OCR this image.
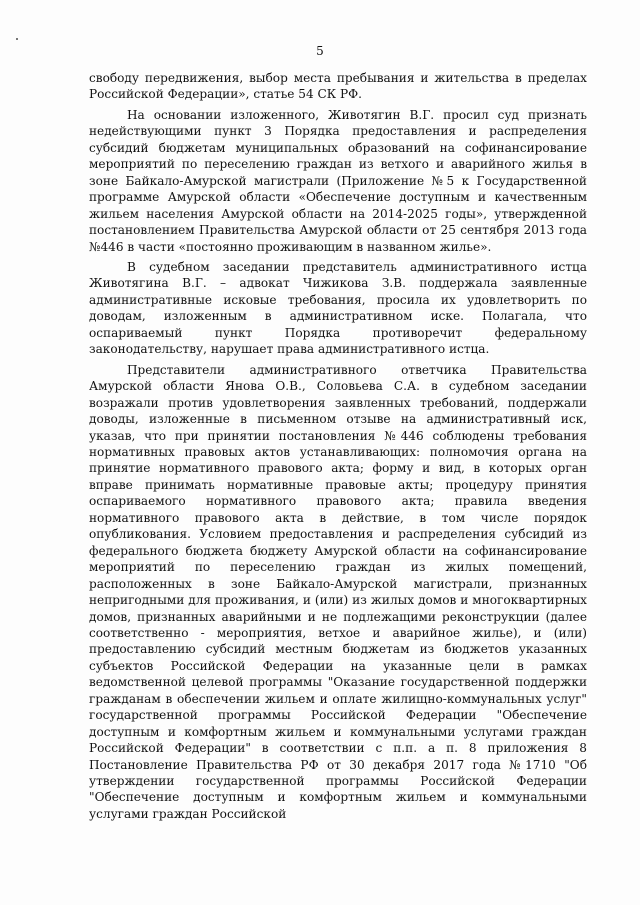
5

свободу передвижения, выбор места пребывания и жительства в пределах Российской Федерации», статье 54 СК РФ.

На основании изложенного, Животягин В.Г. просил суд признать недействующими пункт 3 Порядка предоставления и распределения субсидий бюджетам муниципальных образований на софинансирование мероприятий по переселению граждан из ветхого и аварийного жилья в зоне Байкало-Амурской магистрали (Приложение №5 к Государственной программе Амурской области «Обеспечение доступным и качественным жильем населения Амурской области на 2014-2025 годы», утвержденной постановлением Правительства Амурской области от 25 сентября 2013 года №446 в части «постоянно проживающим в названном жилье».

В судебном заседании представитель административного истца Животягина В.Г. – адвокат Чижикова З.В. поддержала заявленные административные исковые требования, просила их удовлетворить по доводам, изложенным в административном иске. Полагала, что оспариваемый пункт Порядка противоречит федеральному законодательству, нарушает права административного истца.

Представители административного ответчика Правительства Амурской области Янова О.В., Соловьева С.А. в судебном заседании возражали против удовлетворения заявленных требований, поддержали доводы, изложенные в письменном отзыве на административный иск, указав, что при принятии постановления №446 соблюдены требования нормативных правовых актов устанавливающих: полномочия органа на принятие нормативного правового акта; форму и вид, в которых орган вправе принимать нормативные правовые акты; процедуру принятия оспариваемого нормативного правового акта; правила введения нормативного правового акта в действие, в том числе порядок опубликования. Условием предоставления и распределения субсидий из федерального бюджета бюджету Амурской области на софинансирование мероприятий по переселению граждан из жилых помещений, расположенных в зоне Байкало-Амурской магистрали, признанных непригодными для проживания, и (или) из жилых домов и многоквартирных домов, признанных аварийными и не подлежащими реконструкции (далее соответственно - мероприятия, ветхое и аварийное жилье), и (или) предоставлению субсидий местным бюджетам из бюджетов указанных субъектов Российской Федерации на указанные цели в рамках ведомственной целевой программы "Оказание государственной поддержки гражданам в обеспечении жильем и оплате жилищно-коммунальных услуг" государственной программы Российской Федерации "Обеспечение доступным и комфортным жильем и коммунальными услугами граждан Российской Федерации" в соответствии с п.п. а п. 8 приложения 8 Постановление Правительства РФ от 30 декабря 2017 года №1710 "Об утверждении государственной программы Российской Федерации "Обеспечение доступным и комфортным жильем и коммунальными услугами граждан Российской
